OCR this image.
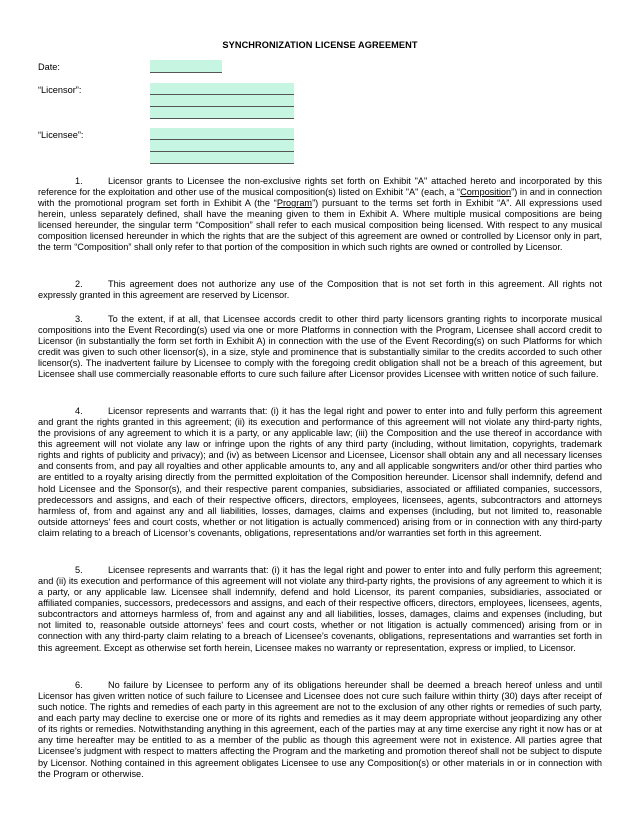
SYNCHRONIZATION LICENSE AGREEMENT
Date:
“Licensor”:
“Licensee”:

1.	Licensor grants to Licensee the non-exclusive rights set forth on Exhibit "A" attached hereto and incorporated by this reference for the exploitation and other use of the musical composition(s) listed on Exhibit "A" (each, a “Composition”) in and in connection with the promotional program set forth in Exhibit A (the “Program”) pursuant to the terms set forth in Exhibit “A”. All expressions used herein, unless separately defined, shall have the meaning given to them in Exhibit A. Where multiple musical compositions are being licensed hereunder, the singular term “Composition” shall refer to each musical composition being licensed. With respect to any musical composition licensed hereunder in which the rights that are the subject of this agreement are owned or controlled by Licensor only in part, the term “Composition” shall only refer to that portion of the composition in which such rights are owned or controlled by Licensor.

2.	This agreement does not authorize any use of the Composition that is not set forth in this agreement. All rights not expressly granted in this agreement are reserved by Licensor.

3.	To the extent, if at all, that Licensee accords credit to other third party licensors granting rights to incorporate musical compositions into the Event Recording(s) used via one or more Platforms in connection with the Program, Licensee shall accord credit to Licensor (in substantially the form set forth in Exhibit A) in connection with the use of the Event Recording(s) on such Platforms for which credit was given to such other licensor(s), in a size, style and prominence that is substantially similar to the credits accorded to such other licensor(s). The inadvertent failure by Licensee to comply with the foregoing credit obligation shall not be a breach of this agreement, but Licensee shall use commercially reasonable efforts to cure such failure after Licensor provides Licensee with written notice of such failure.

4.	Licensor represents and warrants that: (i) it has the legal right and power to enter into and fully perform this agreement and grant the rights granted in this agreement; (ii) its execution and performance of this agreement will not violate any third-party rights, the provisions of any agreement to which it is a party, or any applicable law; (iii) the Composition and the use thereof in accordance with this agreement will not violate any law or infringe upon the rights of any third party (including, without limitation, copyrights, trademark rights and rights of publicity and privacy); and (iv) as between Licensor and Licensee, Licensor shall obtain any and all necessary licenses and consents from, and pay all royalties and other applicable amounts to, any and all applicable songwriters and/or other third parties who are entitled to a royalty arising directly from the permitted exploitation of the Composition hereunder. Licensor shall indemnify, defend and hold Licensee and the Sponsor(s), and their respective parent companies, subsidiaries, associated or affiliated companies, successors, predecessors and assigns, and each of their respective officers, directors, employees, licensees, agents, subcontractors and attorneys harmless of, from and against any and all liabilities, losses, damages, claims and expenses (including, but not limited to, reasonable outside attorneys' fees and court costs, whether or not litigation is actually commenced) arising from or in connection with any third-party claim relating to a breach of Licensor’s covenants, obligations, representations and/or warranties set forth in this agreement.

5.	Licensee represents and warrants that: (i) it has the legal right and power to enter into and fully perform this agreement; and (ii) its execution and performance of this agreement will not violate any third-party rights, the provisions of any agreement to which it is a party, or any applicable law. Licensee shall indemnify, defend and hold Licensor, its parent companies, subsidiaries, associated or affiliated companies, successors, predecessors and assigns, and each of their respective officers, directors, employees, licensees, agents, subcontractors and attorneys harmless of, from and against any and all liabilities, losses, damages, claims and expenses (including, but not limited to, reasonable outside attorneys' fees and court costs, whether or not litigation is actually commenced) arising from or in connection with any third-party claim relating to a breach of Licensee’s covenants, obligations, representations and warranties set forth in this agreement. Except as otherwise set forth herein, Licensee makes no warranty or representation, express or implied, to Licensor.

6.	No failure by Licensee to perform any of its obligations hereunder shall be deemed a breach hereof unless and until Licensor has given written notice of such failure to Licensee and Licensee does not cure such failure within thirty (30) days after receipt of such notice. The rights and remedies of each party in this agreement are not to the exclusion of any other rights or remedies of such party, and each party may decline to exercise one or more of its rights and remedies as it may deem appropriate without jeopardizing any other of its rights or remedies. Notwithstanding anything in this agreement, each of the parties may at any time exercise any right it now has or at any time hereafter may be entitled to as a member of the public as though this agreement were not in existence. All parties agree that Licensee’s judgment with respect to matters affecting the Program and the marketing and promotion thereof shall not be subject to dispute by Licensor. Nothing contained in this agreement obligates Licensee to use any Composition(s) or other materials in or in connection with the Program or otherwise.
